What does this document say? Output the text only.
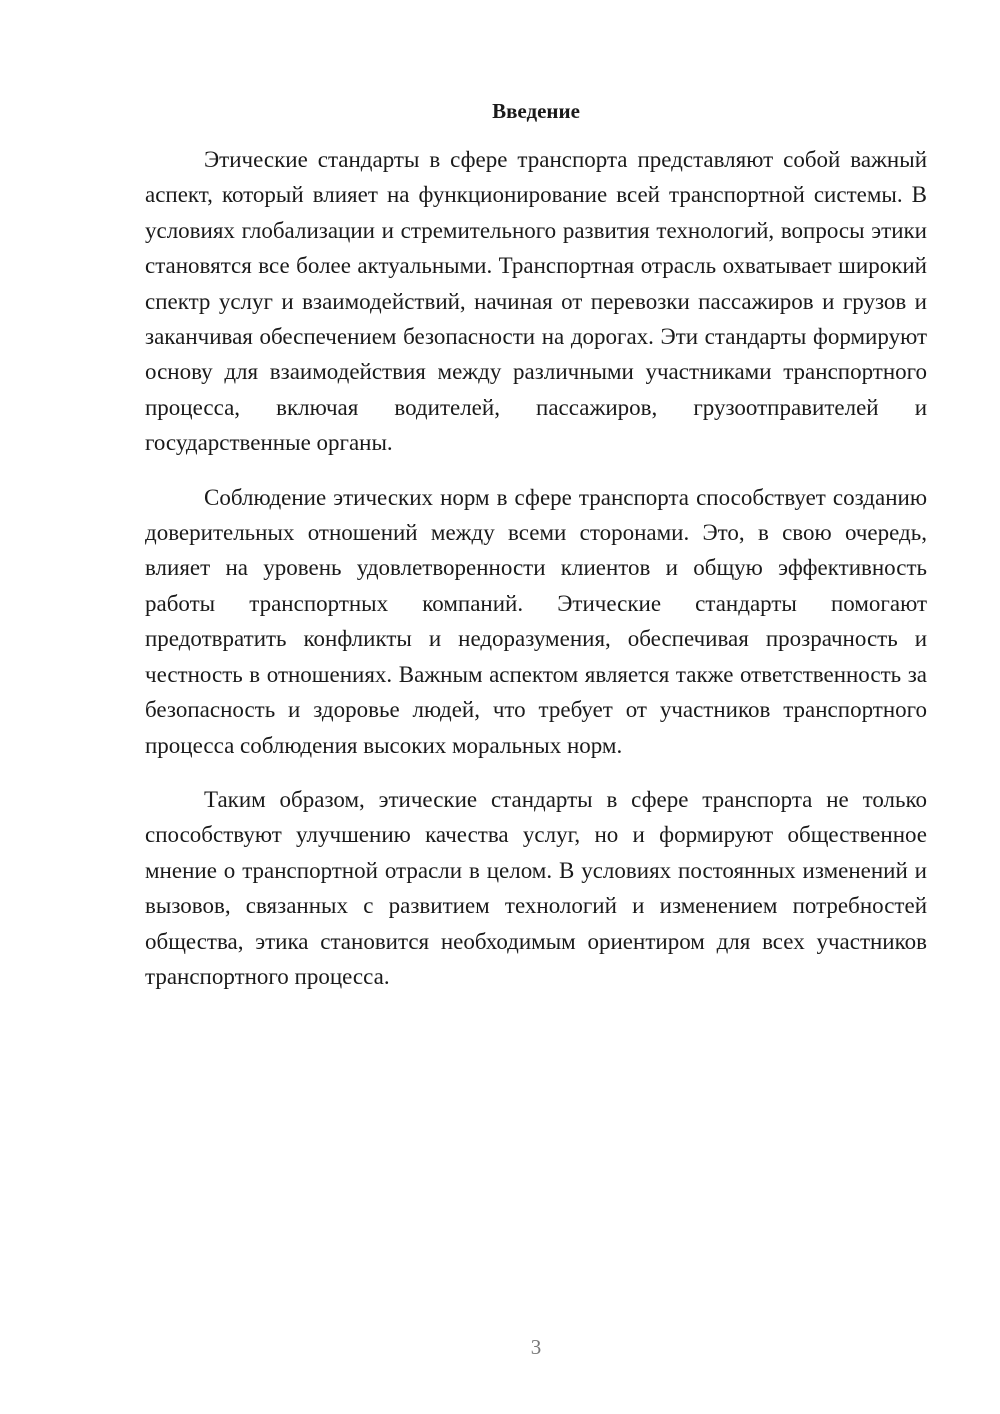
Введение

Этические стандарты в сфере транспорта представляют собой важный аспект, который влияет на функционирование всей транспортной системы. В условиях глобализации и стремительного развития технологий, вопросы этики становятся все более актуальными. Транспортная отрасль охватывает широкий спектр услуг и взаимодействий, начиная от перевозки пассажиров и грузов и заканчивая обеспечением безопасности на дорогах. Эти стандарты формируют основу для взаимодействия между различными участниками транспортного процесса, включая водителей, пассажиров, грузоотправителей и государственные органы.

Соблюдение этических норм в сфере транспорта способствует созданию доверительных отношений между всеми сторонами. Это, в свою очередь, влияет на уровень удовлетворенности клиентов и общую эффективность работы транспортных компаний. Этические стандарты помогают предотвратить конфликты и недоразумения, обеспечивая прозрачность и честность в отношениях. Важным аспектом является также ответственность за безопасность и здоровье людей, что требует от участников транспортного процесса соблюдения высоких моральных норм.

Таким образом, этические стандарты в сфере транспорта не только способствуют улучшению качества услуг, но и формируют общественное мнение о транспортной отрасли в целом. В условиях постоянных изменений и вызовов, связанных с развитием технологий и изменением потребностей общества, этика становится необходимым ориентиром для всех участников транспортного процесса.

3
